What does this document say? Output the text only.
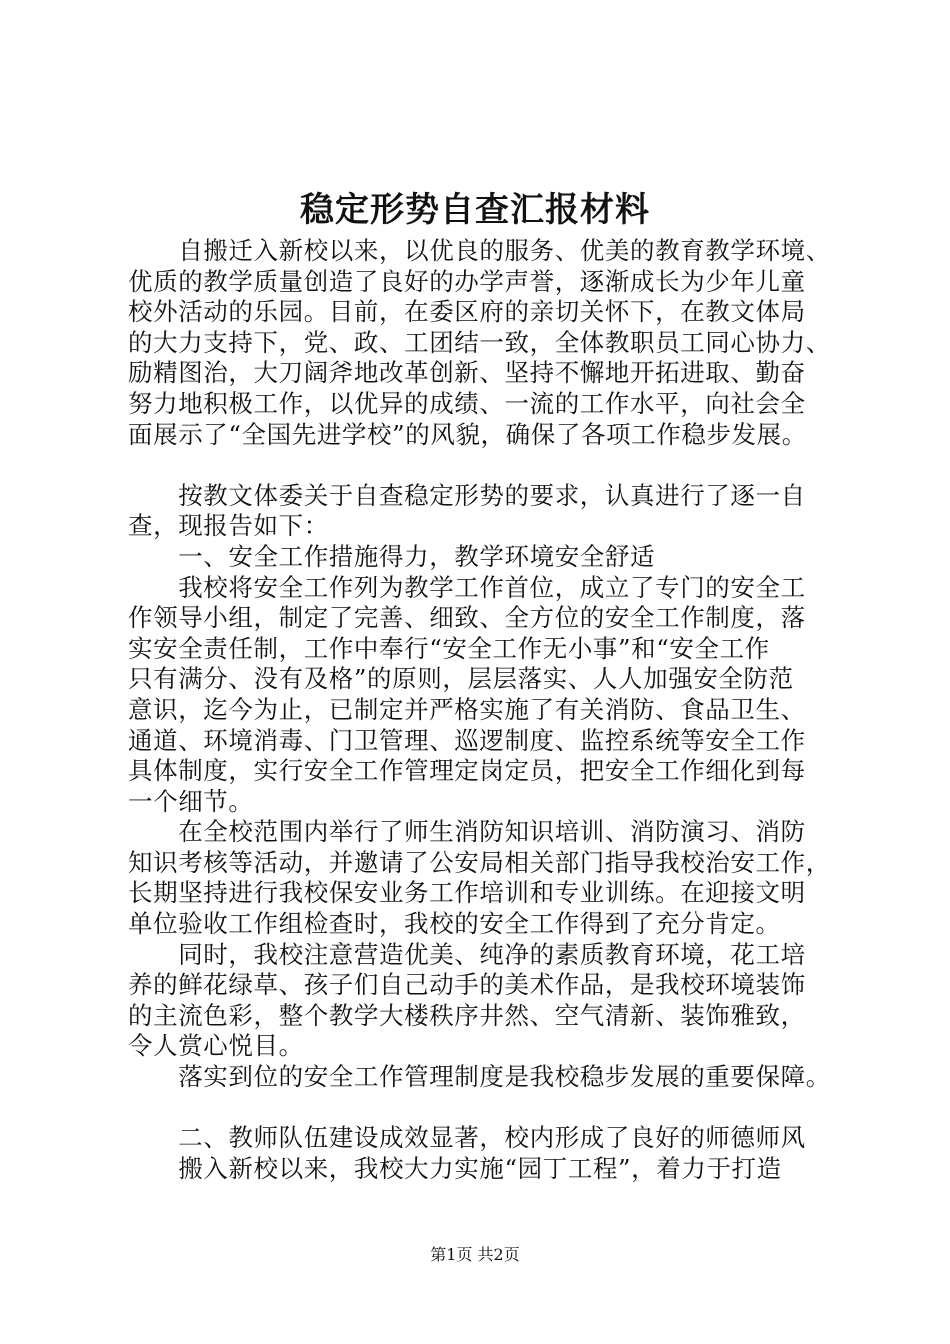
稳定形势自查汇报材料
　　自搬迁入新校以来，以优良的服务、优美的教育教学环境、
优质的教学质量创造了良好的办学声誉，逐渐成长为少年儿童
校外活动的乐园。目前，在委区府的亲切关怀下，在教文体局
的大力支持下，党、政、工团结一致，全体教职员工同心协力、
励精图治，大刀阔斧地改革创新、坚持不懈地开拓进取、勤奋
努力地积极工作，以优异的成绩、一流的工作水平，向社会全
面展示了“全国先进学校”的风貌，确保了各项工作稳步发展。
　　按教文体委关于自查稳定形势的要求，认真进行了逐一自
查，现报告如下：
　　一、安全工作措施得力，教学环境安全舒适
　　我校将安全工作列为教学工作首位，成立了专门的安全工
作领导小组，制定了完善、细致、全方位的安全工作制度，落
实安全责任制，工作中奉行“安全工作无小事”和“安全工作
只有满分、没有及格”的原则，层层落实、人人加强安全防范
意识，迄今为止，已制定并严格实施了有关消防、食品卫生、
通道、环境消毒、门卫管理、巡逻制度、监控系统等安全工作
具体制度，实行安全工作管理定岗定员，把安全工作细化到每
一个细节。
　　在全校范围内举行了师生消防知识培训、消防演习、消防
知识考核等活动，并邀请了公安局相关部门指导我校治安工作，
长期坚持进行我校保安业务工作培训和专业训练。在迎接文明
单位验收工作组检查时，我校的安全工作得到了充分肯定。
　　同时，我校注意营造优美、纯净的素质教育环境，花工培
养的鲜花绿草、孩子们自己动手的美术作品，是我校环境装饰
的主流色彩，整个教学大楼秩序井然、空气清新、装饰雅致，
令人赏心悦目。
　　落实到位的安全工作管理制度是我校稳步发展的重要保障。
　　二、教师队伍建设成效显著，校内形成了良好的师德师风
　　搬入新校以来，我校大力实施“园丁工程”，着力于打造
第1页 共2页
